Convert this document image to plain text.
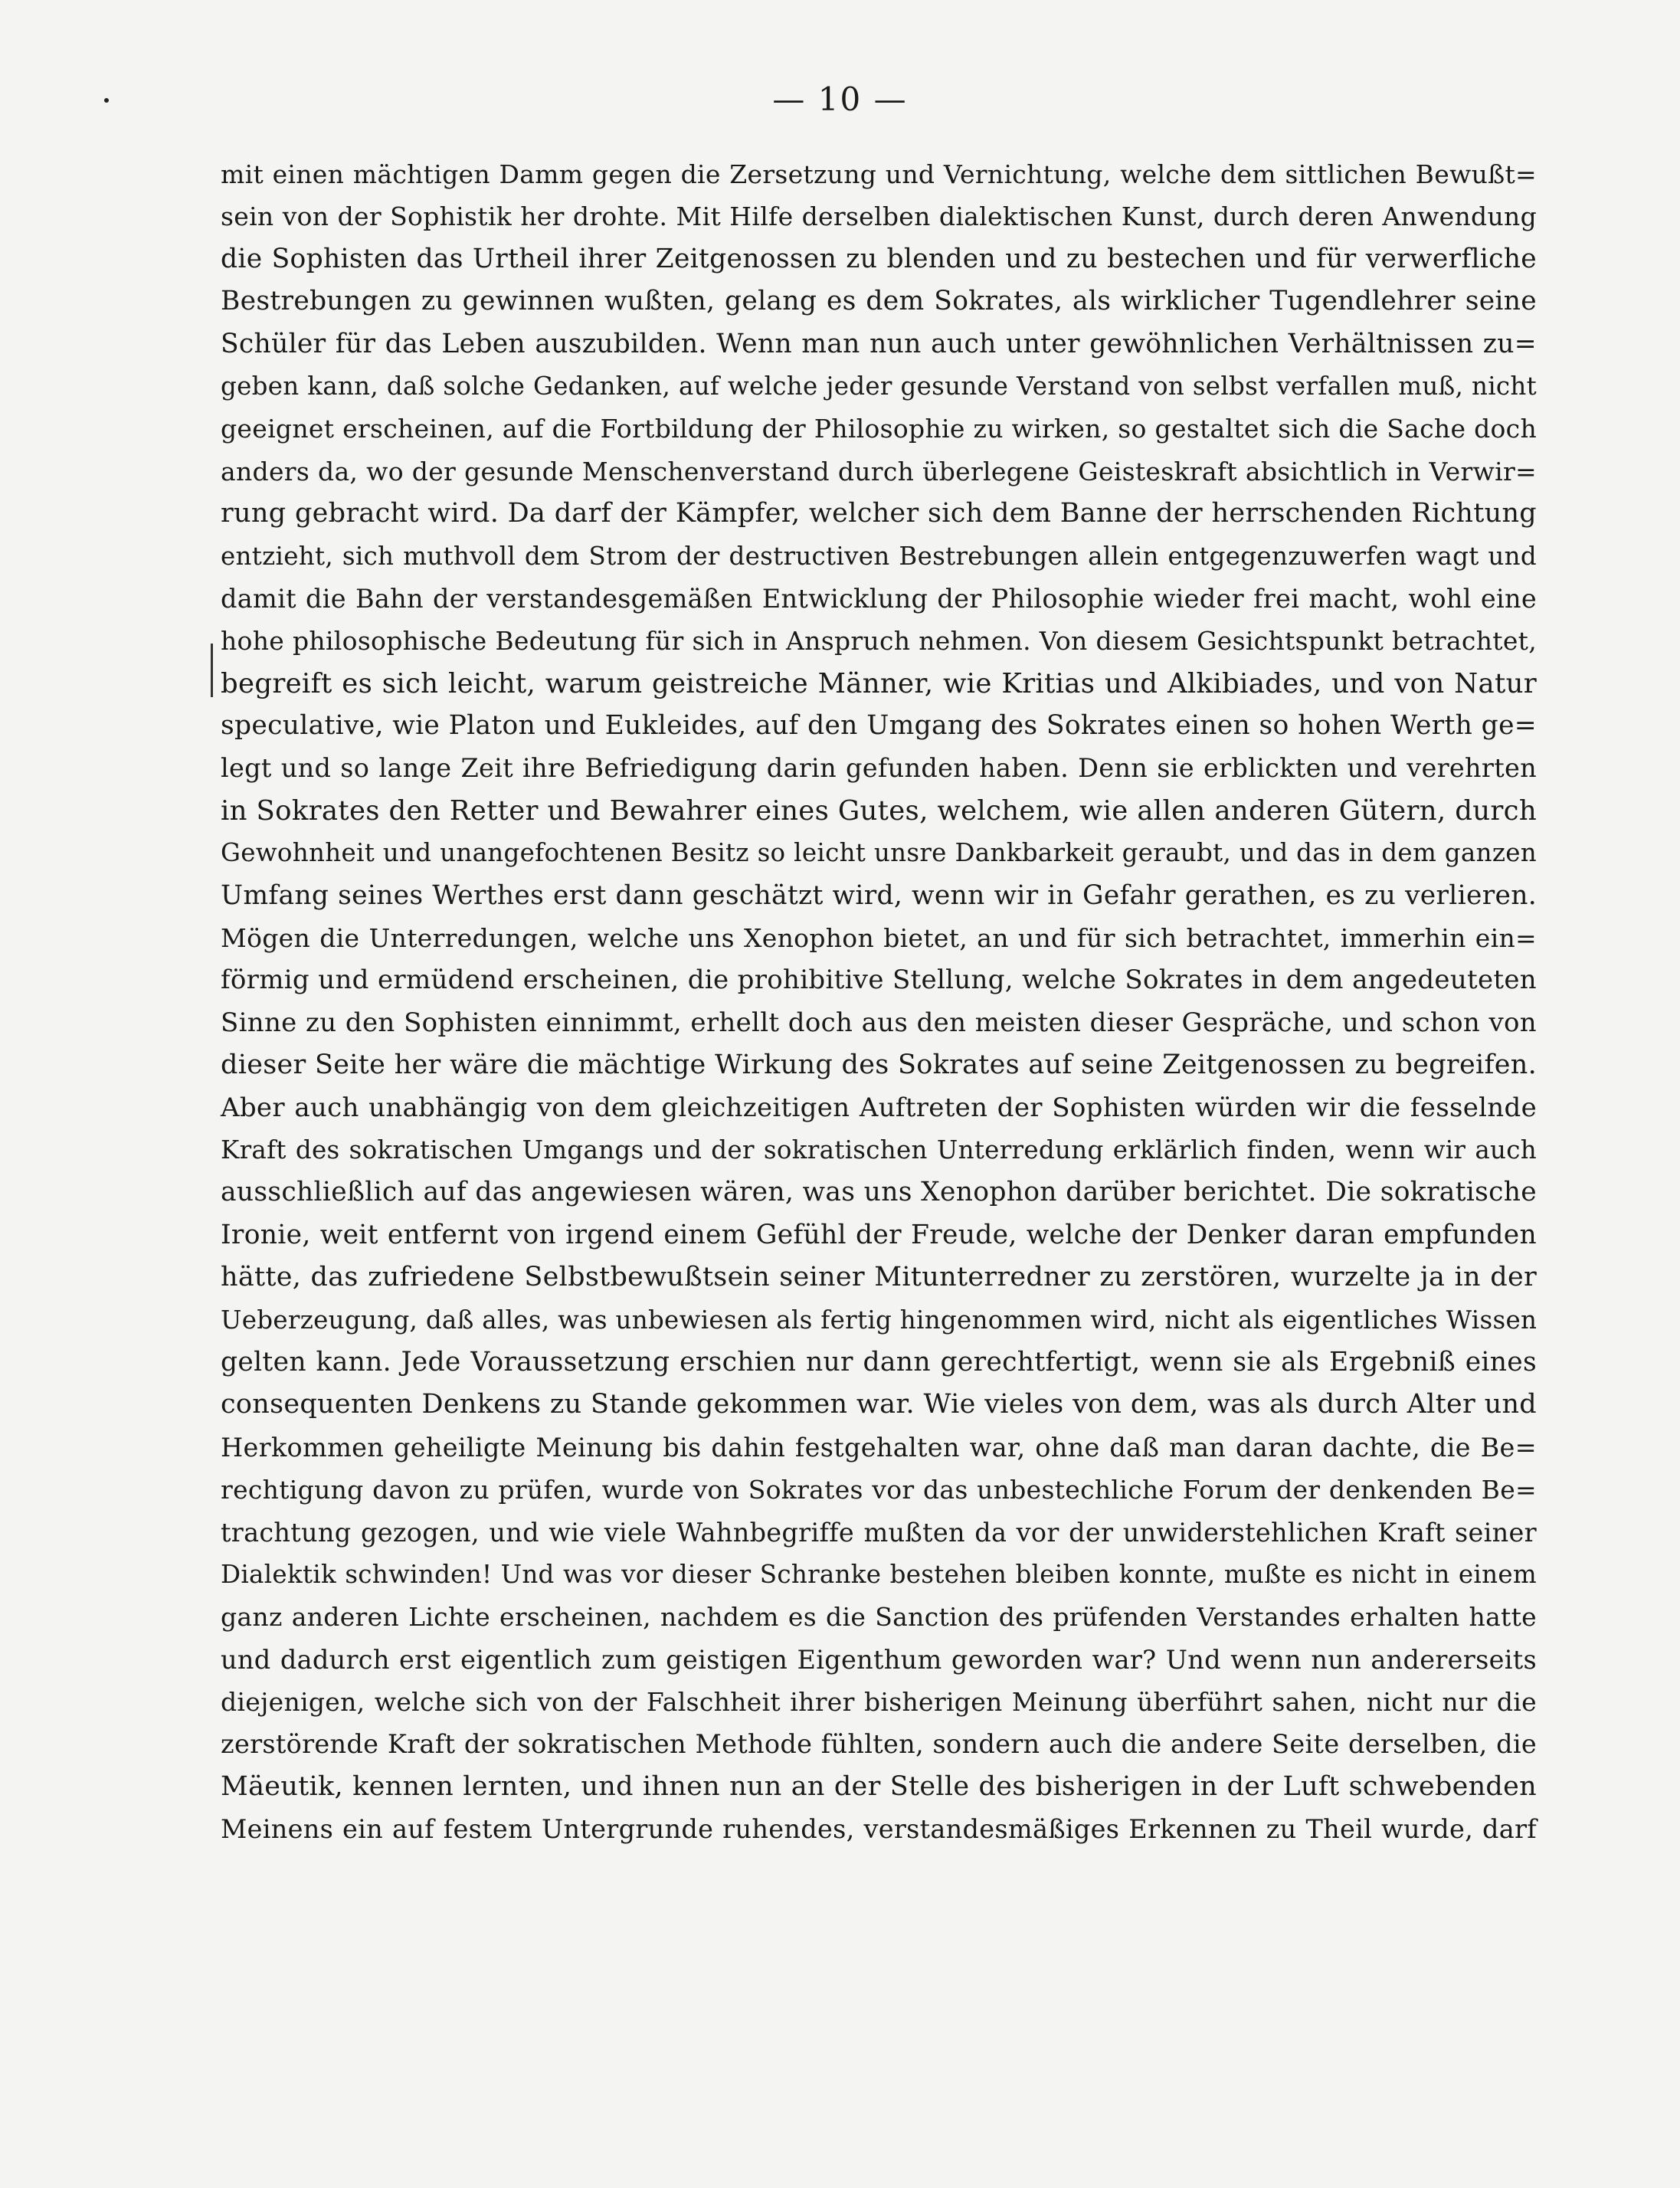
— 10 —
mit einen mächtigen Damm gegen die Zersetzung und Vernichtung, welche dem sittlichen Bewußt=
sein von der Sophistik her drohte. Mit Hilfe derselben dialektischen Kunst, durch deren Anwendung
die Sophisten das Urtheil ihrer Zeitgenossen zu blenden und zu bestechen und für verwerfliche
Bestrebungen zu gewinnen wußten, gelang es dem Sokrates, als wirklicher Tugendlehrer seine
Schüler für das Leben auszubilden. Wenn man nun auch unter gewöhnlichen Verhältnissen zu=
geben kann, daß solche Gedanken, auf welche jeder gesunde Verstand von selbst verfallen muß, nicht
geeignet erscheinen, auf die Fortbildung der Philosophie zu wirken, so gestaltet sich die Sache doch
anders da, wo der gesunde Menschenverstand durch überlegene Geisteskraft absichtlich in Verwir=
rung gebracht wird. Da darf der Kämpfer, welcher sich dem Banne der herrschenden Richtung
entzieht, sich muthvoll dem Strom der destructiven Bestrebungen allein entgegenzuwerfen wagt und
damit die Bahn der verstandesgemäßen Entwicklung der Philosophie wieder frei macht, wohl eine
hohe philosophische Bedeutung für sich in Anspruch nehmen. Von diesem Gesichtspunkt betrachtet,
begreift es sich leicht, warum geistreiche Männer, wie Kritias und Alkibiades, und von Natur
speculative, wie Platon und Eukleides, auf den Umgang des Sokrates einen so hohen Werth ge=
legt und so lange Zeit ihre Befriedigung darin gefunden haben. Denn sie erblickten und verehrten
in Sokrates den Retter und Bewahrer eines Gutes, welchem, wie allen anderen Gütern, durch
Gewohnheit und unangefochtenen Besitz so leicht unsre Dankbarkeit geraubt, und das in dem ganzen
Umfang seines Werthes erst dann geschätzt wird, wenn wir in Gefahr gerathen, es zu verlieren.
Mögen die Unterredungen, welche uns Xenophon bietet, an und für sich betrachtet, immerhin ein=
förmig und ermüdend erscheinen, die prohibitive Stellung, welche Sokrates in dem angedeuteten
Sinne zu den Sophisten einnimmt, erhellt doch aus den meisten dieser Gespräche, und schon von
dieser Seite her wäre die mächtige Wirkung des Sokrates auf seine Zeitgenossen zu begreifen.
Aber auch unabhängig von dem gleichzeitigen Auftreten der Sophisten würden wir die fesselnde
Kraft des sokratischen Umgangs und der sokratischen Unterredung erklärlich finden, wenn wir auch
ausschließlich auf das angewiesen wären, was uns Xenophon darüber berichtet. Die sokratische
Ironie, weit entfernt von irgend einem Gefühl der Freude, welche der Denker daran empfunden
hätte, das zufriedene Selbstbewußtsein seiner Mitunterredner zu zerstören, wurzelte ja in der
Ueberzeugung, daß alles, was unbewiesen als fertig hingenommen wird, nicht als eigentliches Wissen
gelten kann. Jede Voraussetzung erschien nur dann gerechtfertigt, wenn sie als Ergebniß eines
consequenten Denkens zu Stande gekommen war. Wie vieles von dem, was als durch Alter und
Herkommen geheiligte Meinung bis dahin festgehalten war, ohne daß man daran dachte, die Be=
rechtigung davon zu prüfen, wurde von Sokrates vor das unbestechliche Forum der denkenden Be=
trachtung gezogen, und wie viele Wahnbegriffe mußten da vor der unwiderstehlichen Kraft seiner
Dialektik schwinden! Und was vor dieser Schranke bestehen bleiben konnte, mußte es nicht in einem
ganz anderen Lichte erscheinen, nachdem es die Sanction des prüfenden Verstandes erhalten hatte
und dadurch erst eigentlich zum geistigen Eigenthum geworden war? Und wenn nun andererseits
diejenigen, welche sich von der Falschheit ihrer bisherigen Meinung überführt sahen, nicht nur die
zerstörende Kraft der sokratischen Methode fühlten, sondern auch die andere Seite derselben, die
Mäeutik, kennen lernten, und ihnen nun an der Stelle des bisherigen in der Luft schwebenden
Meinens ein auf festem Untergrunde ruhendes, verstandesmäßiges Erkennen zu Theil wurde, darf
